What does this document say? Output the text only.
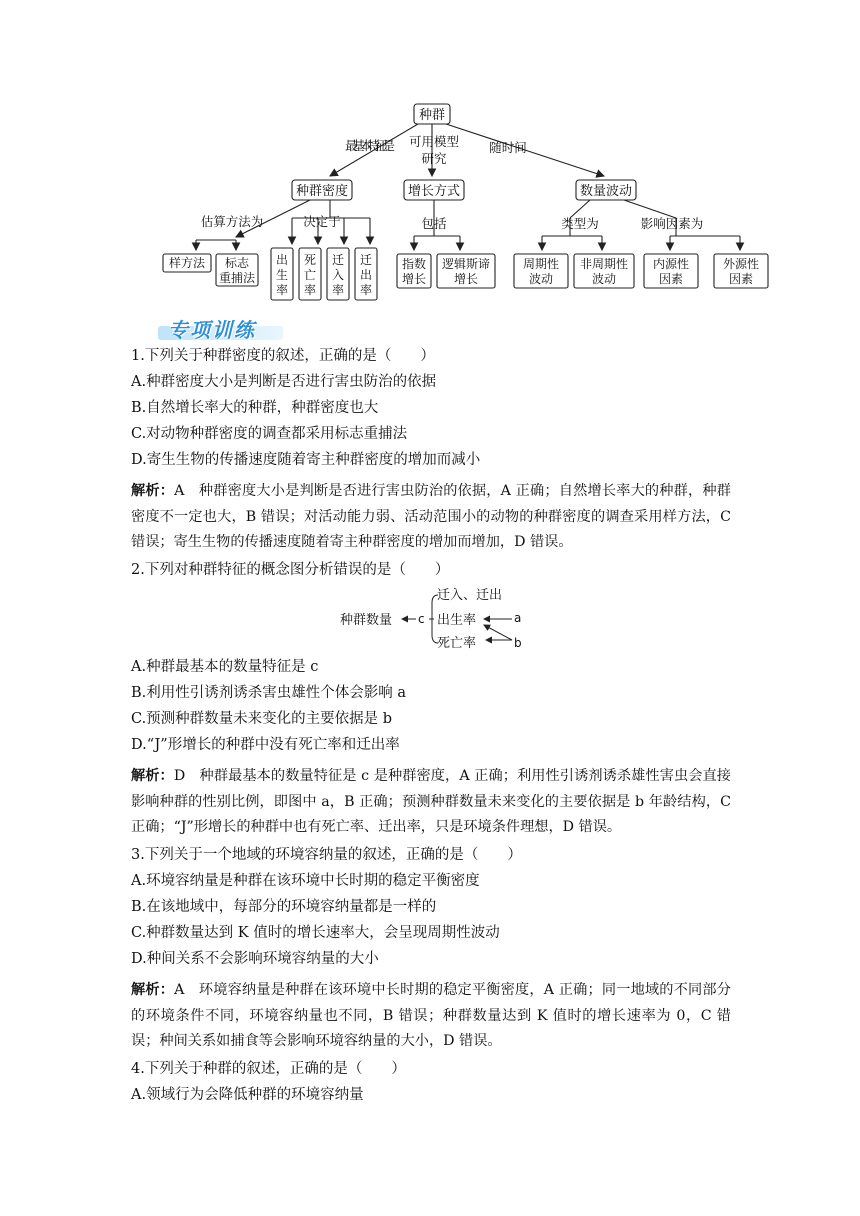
种群
最基本特征是 可用模型
研究
随时间
种群密度	增长方式	数量波动
估算方法为	决定于	包括	类型为	影响因素为
样方法 标志
重捕法
指数
增长
逻辑斯谛
增长
周期性
波动
非周期性
波动
内源性
因素
外源性
因素
出生率
死亡率
迁入率
迁出率
专项训练
1.下列关于种群密度的叙述，正确的是（　　）
A.种群密度大小是判断是否进行害虫防治的依据
B.自然增长率大的种群，种群密度也大
C.对动物种群密度的调查都采用标志重捕法
D.寄生生物的传播速度随着寄主种群密度的增加而减小
解析：A　种群密度大小是判断是否进行害虫防治的依据，A 正确；自然增长率大的种群，种群密度不一定也大，B 错误；对活动能力弱、活动范围小的动物的种群密度的调查采用样方法，C 错误；寄生生物的传播速度随着寄主种群密度的增加而增加，D 错误。
2.下列对种群特征的概念图分析错误的是（　　）
种群数量 c
迁入、迁出
出生率
死亡率
a
b
A.种群最基本的数量特征是 c
B.利用性引诱剂诱杀害虫雄性个体会影响 a
C.预测种群数量未来变化的主要依据是 b
D.“J”形增长的种群中没有死亡率和迁出率
解析：D　种群最基本的数量特征是 c 是种群密度，A 正确；利用性引诱剂诱杀雄性害虫会直接影响种群的性别比例，即图中 a，B 正确；预测种群数量未来变化的主要依据是 b 年龄结构，C 正确；“J”形增长的种群中也有死亡率、迁出率，只是环境条件理想，D 错误。
3.下列关于一个地域的环境容纳量的叙述，正确的是（　　）
A.环境容纳量是种群在该环境中长时期的稳定平衡密度
B.在该地域中，每部分的环境容纳量都是一样的
C.种群数量达到 K 值时的增长速率大，会呈现周期性波动
D.种间关系不会影响环境容纳量的大小
解析：A　环境容纳量是种群在该环境中长时期的稳定平衡密度，A 正确；同一地域的不同部分的环境条件不同，环境容纳量也不同，B 错误；种群数量达到 K 值时的增长速率为 0，C 错误；种间关系如捕食等会影响环境容纳量的大小，D 错误。
4.下列关于种群的叙述，正确的是（　　）
A.领域行为会降低种群的环境容纳量
